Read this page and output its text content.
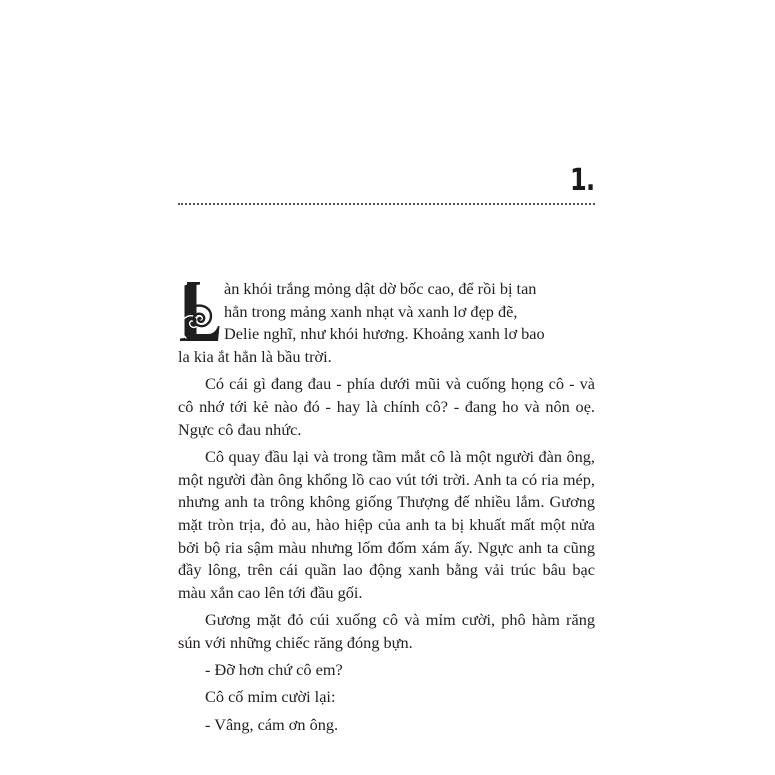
1.

àn khói trắng mỏng dật dờ bốc cao, để rồi bị tan
hẳn trong mảng xanh nhạt và xanh lơ đẹp đẽ,
Delie nghĩ, như khói hương. Khoảng xanh lơ bao
la kia ắt hẳn là bầu trời.

Có cái gì đang đau - phía dưới mũi và cuống họng cô - và cô nhớ tới kẻ nào đó - hay là chính cô? - đang ho và nôn oẹ. Ngực cô đau nhức.

Cô quay đầu lại và trong tầm mắt cô là một người đàn ông, một người đàn ông khổng lồ cao vút tới trời. Anh ta có ria mép, nhưng anh ta trông không giống Thượng đế nhiều lắm. Gương mặt tròn trịa, đỏ au, hào hiệp của anh ta bị khuất mất một nửa bởi bộ ria sậm màu nhưng lốm đốm xám ấy. Ngực anh ta cũng đầy lông, trên cái quần lao động xanh bằng vải trúc bâu bạc màu xắn cao lên tới đầu gối.

Gương mặt đỏ cúi xuống cô và mỉm cười, phô hàm răng sún với những chiếc răng đóng bựn.

- Đỡ hơn chứ cô em?

Cô cố mỉm cười lại:

- Vâng, cám ơn ông.
